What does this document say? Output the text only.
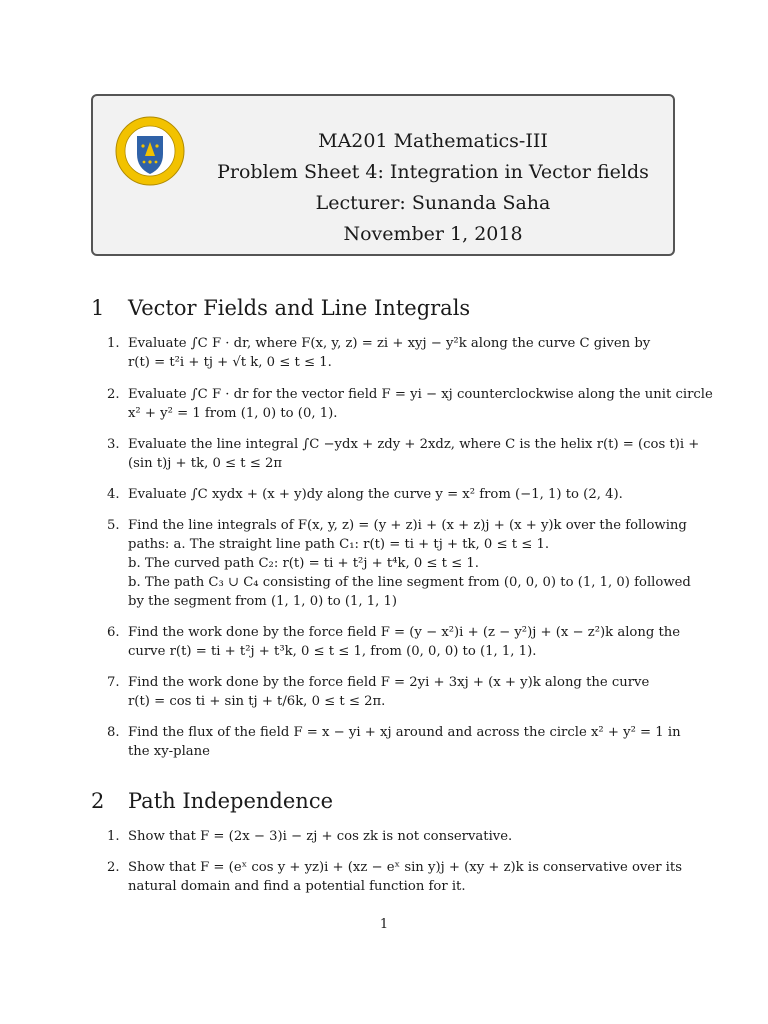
MA201 Mathematics-III
Problem Sheet 4: Integration in Vector fields
Lecturer: Sunanda Saha
November 1, 2018
1 Vector Fields and Line Integrals
1. Evaluate ∫C F · dr, where F(x, y, z) = zi + xyj − y²k along the curve C given by
r(t) = t²i + tj + √t k, 0 ≤ t ≤ 1.
2. Evaluate ∫C F · dr for the vector field F = yi − xj counterclockwise along the unit circle
x² + y² = 1 from (1, 0) to (0, 1).
3. Evaluate the line integral ∫C −ydx + zdy + 2xdz, where C is the helix r(t) = (cos t)i +
(sin t)j + tk, 0 ≤ t ≤ 2π
4. Evaluate ∫C xydx + (x + y)dy along the curve y = x² from (−1, 1) to (2, 4).
5. Find the line integrals of F(x, y, z) = (y + z)i + (x + z)j + (x + y)k over the following
paths: a. The straight line path C₁: r(t) = ti + tj + tk, 0 ≤ t ≤ 1.
b. The curved path C₂: r(t) = ti + t²j + t⁴k, 0 ≤ t ≤ 1.
b. The path C₃ ∪ C₄ consisting of the line segment from (0, 0, 0) to (1, 1, 0) followed
by the segment from (1, 1, 0) to (1, 1, 1)
6. Find the work done by the force field F = (y − x²)i + (z − y²)j + (x − z²)k along the
curve r(t) = ti + t²j + t³k, 0 ≤ t ≤ 1, from (0, 0, 0) to (1, 1, 1).
7. Find the work done by the force field F = 2yi + 3xj + (x + y)k along the curve
r(t) = cos ti + sin tj + t/6k, 0 ≤ t ≤ 2π.
8. Find the flux of the field F = x − yi + xj around and across the circle x² + y² = 1 in
the xy-plane
2 Path Independence
1. Show that F = (2x − 3)i − zj + cos zk is not conservative.
2. Show that F = (eˣ cos y + yz)i + (xz − eˣ sin y)j + (xy + z)k is conservative over its
natural domain and find a potential function for it.
1
